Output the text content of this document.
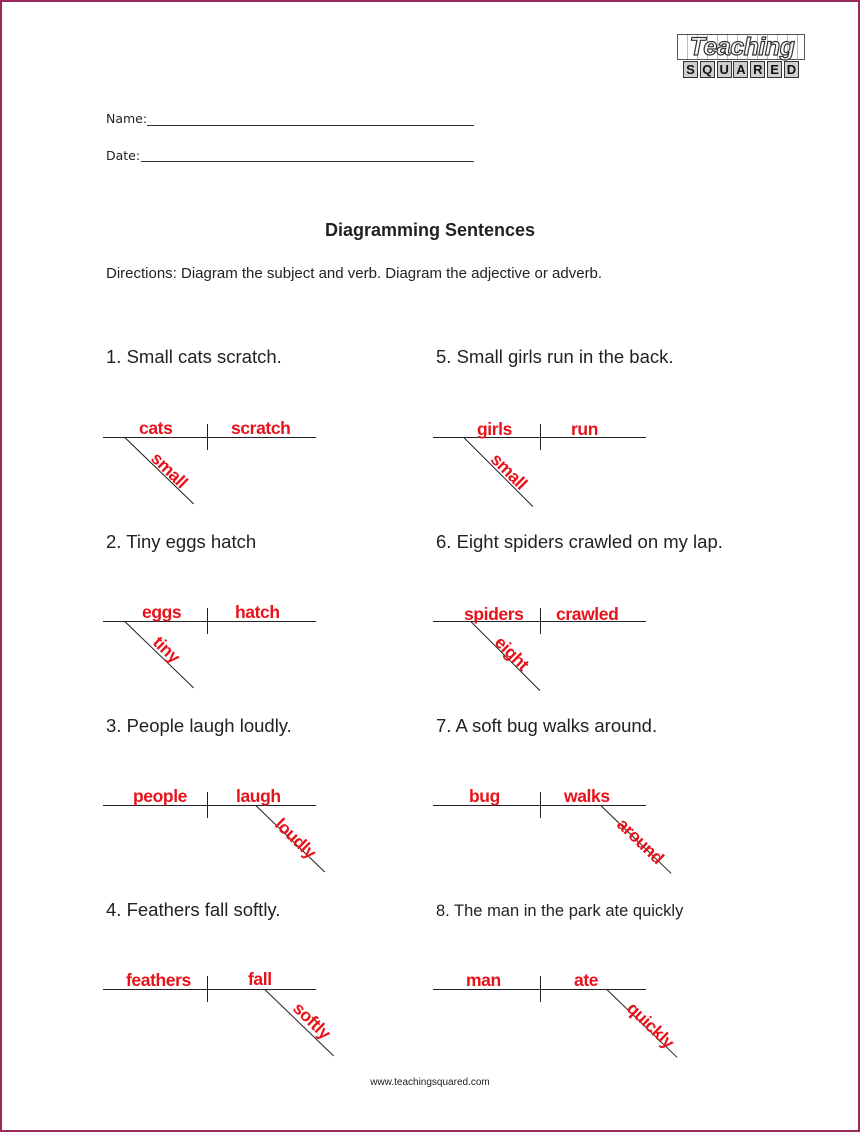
Teaching
S Q U A R E D
Name:
Date:
Diagramming Sentences
Directions: Diagram the subject and verb. Diagram the adjective or adverb.
1. Small cats scratch.
cats	scratch
small
2. Tiny eggs hatch
eggs	hatch
tiny
3. People laugh loudly.
people	laugh
loudly
4. Feathers fall softly.
feathers	fall
softly
5. Small girls run in the back.
girls	run
small
6. Eight spiders crawled on my lap.
spiders crawled
eight
7. A soft bug walks around.
bug	walks
around
8. The man in the park ate quickly
man	ate
quickly
www.teachingsquared.com
